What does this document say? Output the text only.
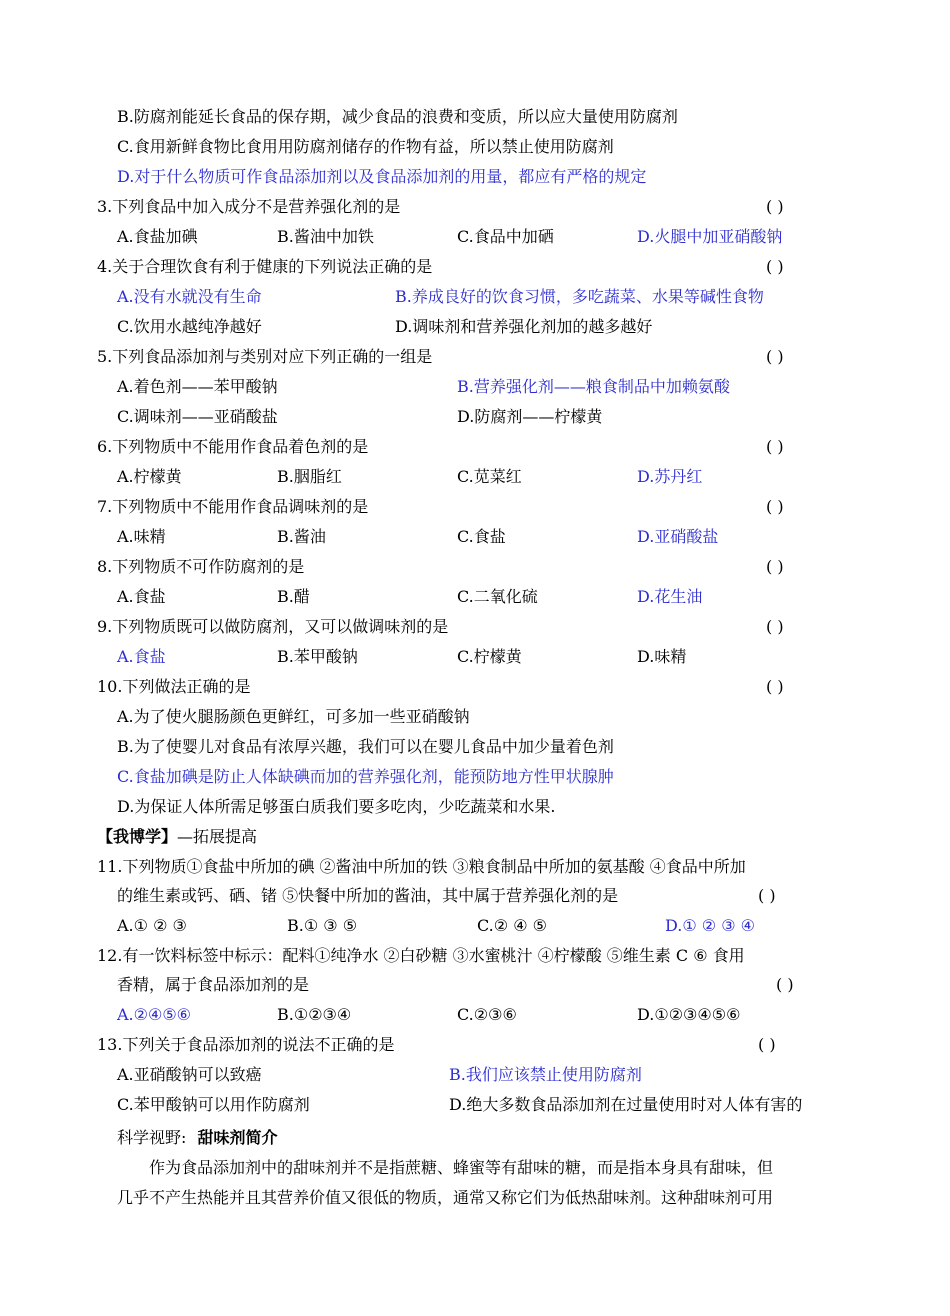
B.防腐剂能延长食品的保存期，减少食品的浪费和变质，所以应大量使用防腐剂
C.食用新鲜食物比食用用防腐剂储存的作物有益，所以禁止使用防腐剂
D.对于什么物质可作食品添加剂以及食品添加剂的用量，都应有严格的规定
3.下列食品中加入成分不是营养强化剂的是	( )
A.食盐加碘	B.酱油中加铁	C.食品中加硒	D.火腿中加亚硝酸钠
4.关于合理饮食有利于健康的下列说法正确的是	( )
A.没有水就没有生命	B.养成良好的饮食习惯，多吃蔬菜、水果等碱性食物
C.饮用水越纯净越好	D.调味剂和营养强化剂加的越多越好
5.下列食品添加剂与类别对应下列正确的一组是	( )
A.着色剂——苯甲酸钠	B.营养强化剂——粮食制品中加赖氨酸
C.调味剂——亚硝酸盐	D.防腐剂——柠檬黄
6.下列物质中不能用作食品着色剂的是	( )
A.柠檬黄	B.胭脂红	C.苋菜红	D.苏丹红
7.下列物质中不能用作食品调味剂的是	( )
A.味精	B.酱油	C.食盐	D.亚硝酸盐
8.下列物质不可作防腐剂的是	( )
A.食盐	B.醋	C.二氧化硫	D.花生油
9.下列物质既可以做防腐剂，又可以做调味剂的是	( )
A.食盐	B.苯甲酸钠	C.柠檬黄	D.味精
10.下列做法正确的是	( )
A.为了使火腿肠颜色更鲜红，可多加一些亚硝酸钠
B.为了使婴儿对食品有浓厚兴趣，我们可以在婴儿食品中加少量着色剂
C.食盐加碘是防止人体缺碘而加的营养强化剂，能预防地方性甲状腺肿
D.为保证人体所需足够蛋白质我们要多吃肉，少吃蔬菜和水果.
【我博学】—拓展提高
11.下列物质①食盐中所加的碘 ②酱油中所加的铁 ③粮食制品中所加的氨基酸 ④食品中所加
的维生素或钙、硒、锗 ⑤快餐中所加的酱油，其中属于营养强化剂的是	( )
A.① ② ③	B.① ③ ⑤	C.② ④ ⑤	D.① ② ③ ④
12.有一饮料标签中标示：配料①纯净水 ②白砂糖 ③水蜜桃汁 ④柠檬酸 ⑤维生素 C ⑥ 食用
香精，属于食品添加剂的是	( )
A.②④⑤⑥	B.①②③④	C.②③⑥	D.①②③④⑤⑥
13.下列关于食品添加剂的说法不正确的是	( )
A.亚硝酸钠可以致癌	B.我们应该禁止使用防腐剂
C.苯甲酸钠可以用作防腐剂	D.绝大多数食品添加剂在过量使用时对人体有害的
科学视野: 甜味剂简介
作为食品添加剂中的甜味剂并不是指蔗糖、蜂蜜等有甜味的糖，而是指本身具有甜味，但
几乎不产生热能并且其营养价值又很低的物质，通常又称它们为低热甜味剂。这种甜味剂可用
